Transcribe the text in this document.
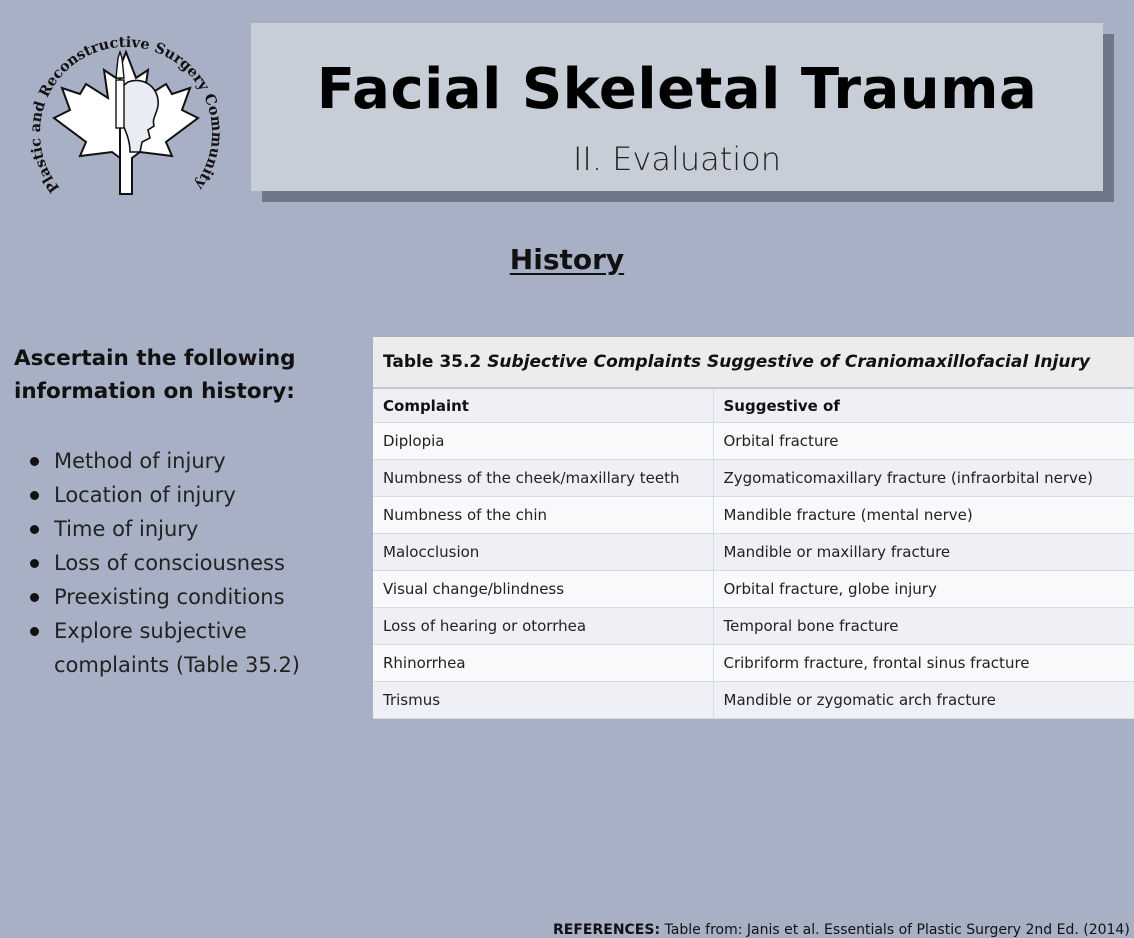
Plastic and Reconstructive Surgery Community
Facial Skeletal Trauma
II. Evaluation
History
Ascertain the following information on history:
Method of injury
Location of injury
Time of injury
Loss of consciousness
Preexisting conditions
Explore subjective complaints (Table 35.2)
Table 35.2 Subjective Complaints Suggestive of Craniomaxillofacial Injury
Complaint	Suggestive of
Diplopia	Orbital fracture
Numbness of the cheek/maxillary teeth	Zygomaticomaxillary fracture (infraorbital nerve)
Numbness of the chin	Mandible fracture (mental nerve)
Malocclusion	Mandible or maxillary fracture
Visual change/blindness	Orbital fracture, globe injury
Loss of hearing or otorrhea	Temporal bone fracture
Rhinorrhea	Cribriform fracture, frontal sinus fracture
Trismus	Mandible or zygomatic arch fracture
REFERENCES: Table from: Janis et al. Essentials of Plastic Surgery 2nd Ed. (2014)
